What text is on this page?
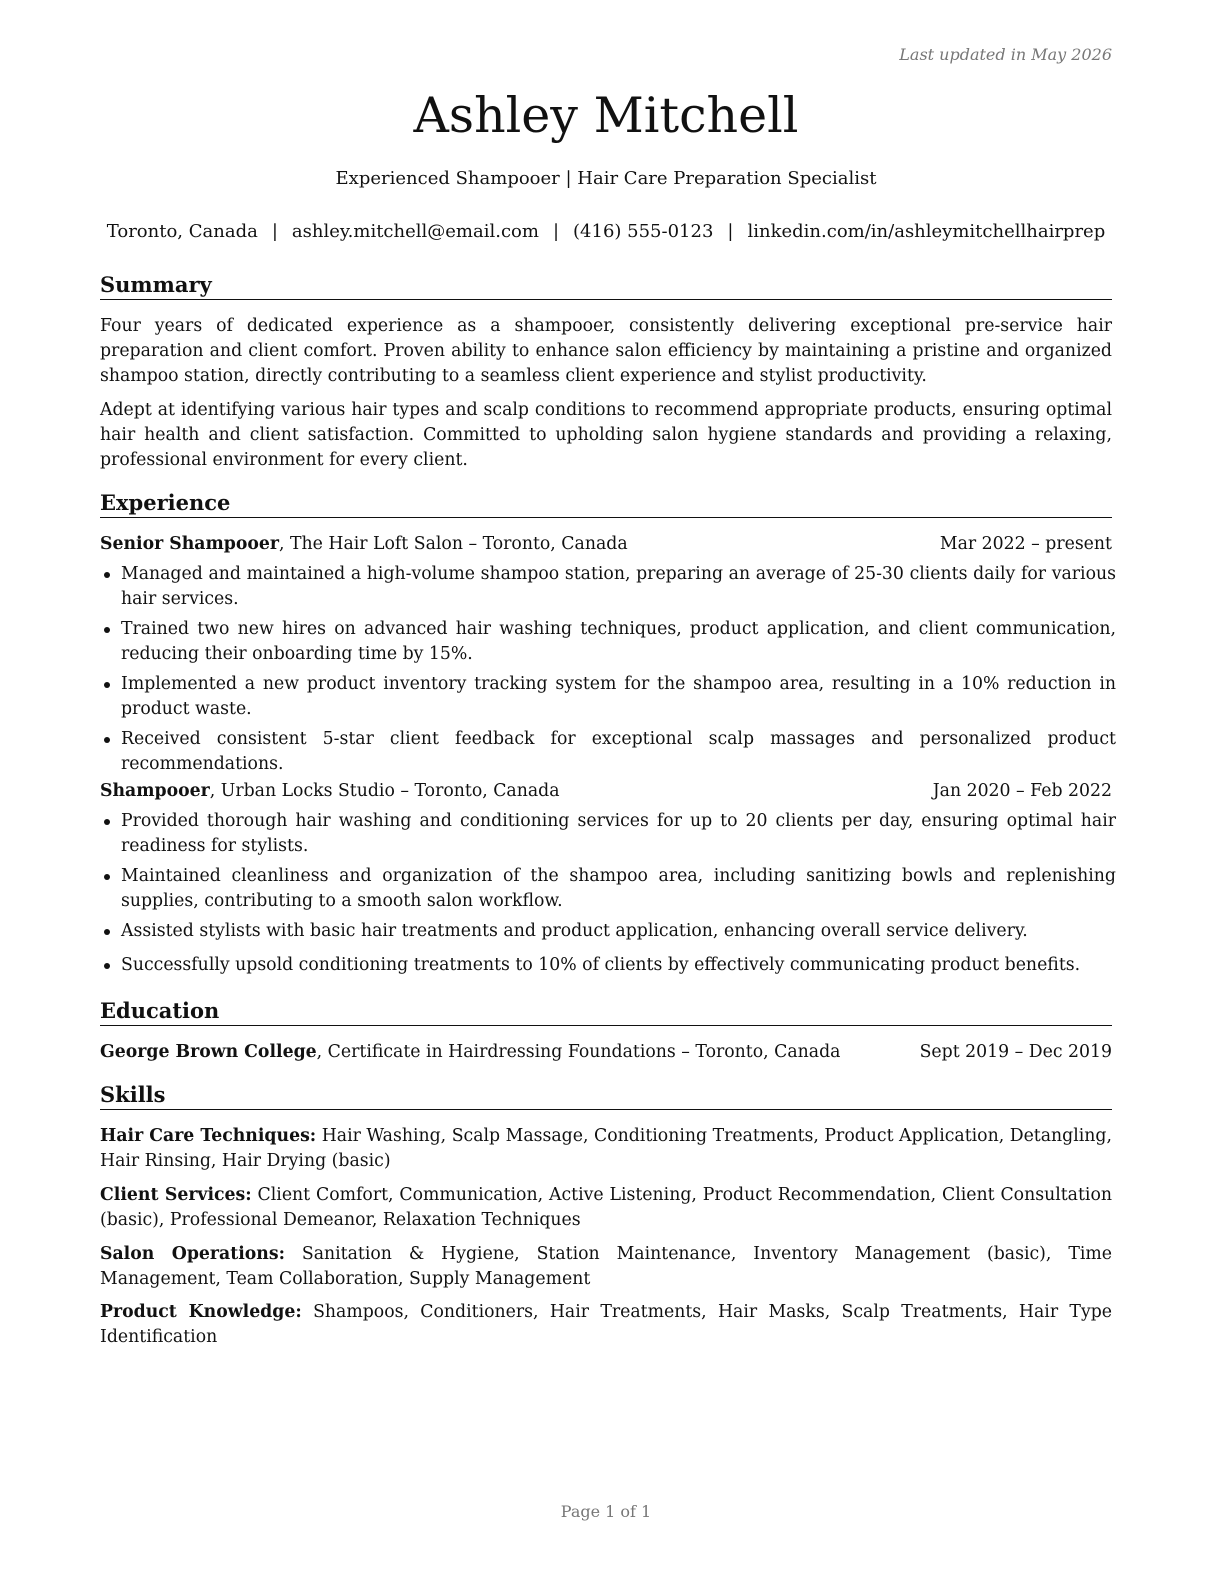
Last updated in May 2026
Ashley Mitchell
Experienced Shampooer | Hair Care Preparation Specialist
Toronto, Canada | ashley.mitchell@email.com | (416) 555-0123 | linkedin.com/in/ashleymitchellhairprep
Summary
Four years of dedicated experience as a shampooer, consistently delivering exceptional pre-service hair preparation and client comfort. Proven ability to enhance salon efficiency by maintaining a pristine and organized shampoo station, directly contributing to a seamless client experience and stylist productivity.
Adept at identifying various hair types and scalp conditions to recommend appropriate products, ensuring optimal hair health and client satisfaction. Committed to upholding salon hygiene standards and providing a relaxing, professional environment for every client.
Experience
Senior Shampooer, The Hair Loft Salon – Toronto, Canada	Mar 2022 – present
Managed and maintained a high-volume shampoo station, preparing an average of 25-30 clients daily for various hair services.
Trained two new hires on advanced hair washing techniques, product application, and client communication, reducing their onboarding time by 15%.
Implemented a new product inventory tracking system for the shampoo area, resulting in a 10% reduction in product waste.
Received consistent 5-star client feedback for exceptional scalp massages and personalized product recommendations.
Shampooer, Urban Locks Studio – Toronto, Canada	Jan 2020 – Feb 2022
Provided thorough hair washing and conditioning services for up to 20 clients per day, ensuring optimal hair readiness for stylists.
Maintained cleanliness and organization of the shampoo area, including sanitizing bowls and replenishing supplies, contributing to a smooth salon workflow.
Assisted stylists with basic hair treatments and product application, enhancing overall service delivery.
Successfully upsold conditioning treatments to 10% of clients by effectively communicating product benefits.
Education
George Brown College, Certificate in Hairdressing Foundations – Toronto, Canada	Sept 2019 – Dec 2019
Skills
Hair Care Techniques: Hair Washing, Scalp Massage, Conditioning Treatments, Product Application, Detangling, Hair Rinsing, Hair Drying (basic)
Client Services: Client Comfort, Communication, Active Listening, Product Recommendation, Client Consultation (basic), Professional Demeanor, Relaxation Techniques
Salon Operations: Sanitation & Hygiene, Station Maintenance, Inventory Management (basic), Time Management, Team Collaboration, Supply Management
Product Knowledge: Shampoos, Conditioners, Hair Treatments, Hair Masks, Scalp Treatments, Hair Type Identification
Page 1 of 1
